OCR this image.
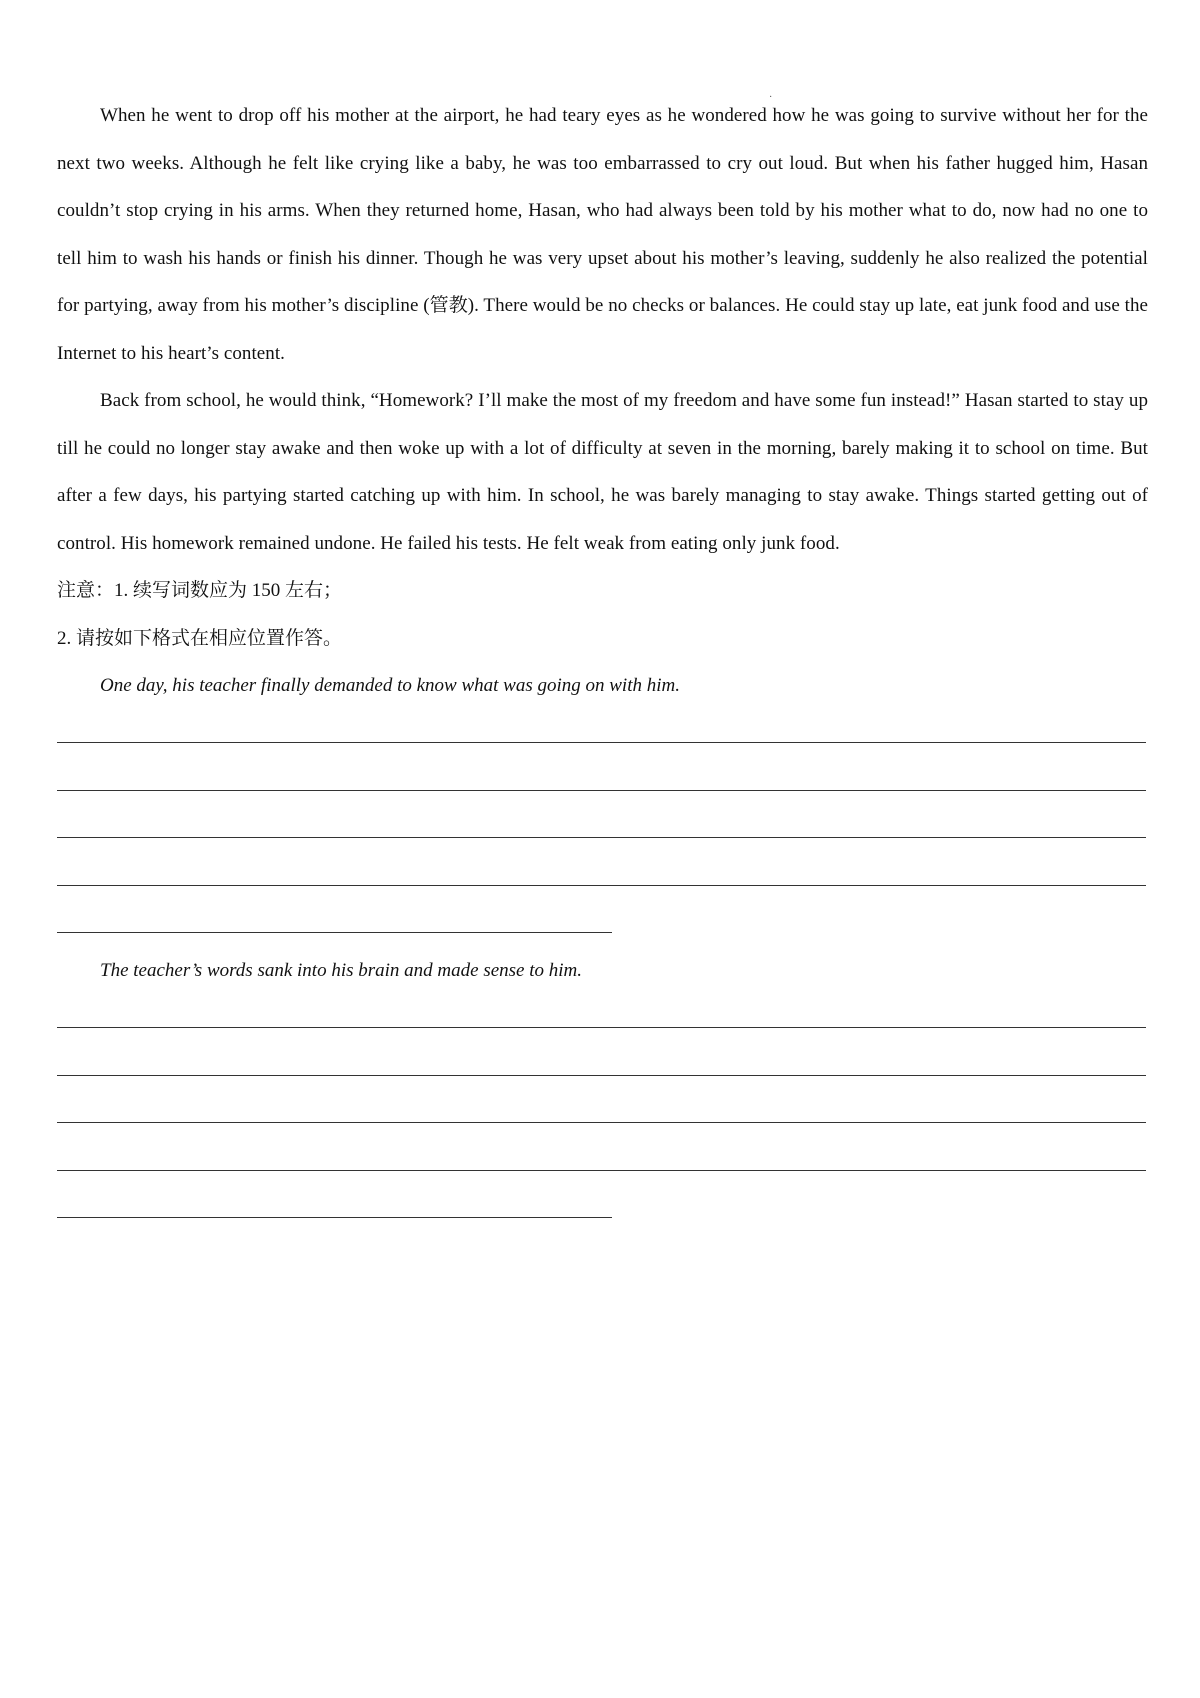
When he went to drop off his mother at the airport, he had teary eyes as he wondered how he was going to survive without her for the next two weeks. Although he felt like crying like a baby, he was too embarrassed to cry out loud. But when his father hugged him, Hasan couldn’t stop crying in his arms. When they returned home, Hasan, who had always been told by his mother what to do, now had no one to tell him to wash his hands or finish his dinner. Though he was very upset about his mother’s leaving, suddenly he also realized the potential for partying, away from his mother’s discipline (管教). There would be no checks or balances. He could stay up late, eat junk food and use the Internet to his heart’s content.

Back from school, he would think, “Homework? I’ll make the most of my freedom and have some fun instead!” Hasan started to stay up till he could no longer stay awake and then woke up with a lot of difficulty at seven in the morning, barely making it to school on time. But after a few days, his partying started catching up with him. In school, he was barely managing to stay awake. Things started getting out of control. His homework remained undone. He failed his tests. He felt weak from eating only junk food.

注意：1. 续写词数应为 150 左右；

2. 请按如下格式在相应位置作答。

One day, his teacher finally demanded to know what was going on with him.

The teacher’s words sank into his brain and made sense to him.

·
